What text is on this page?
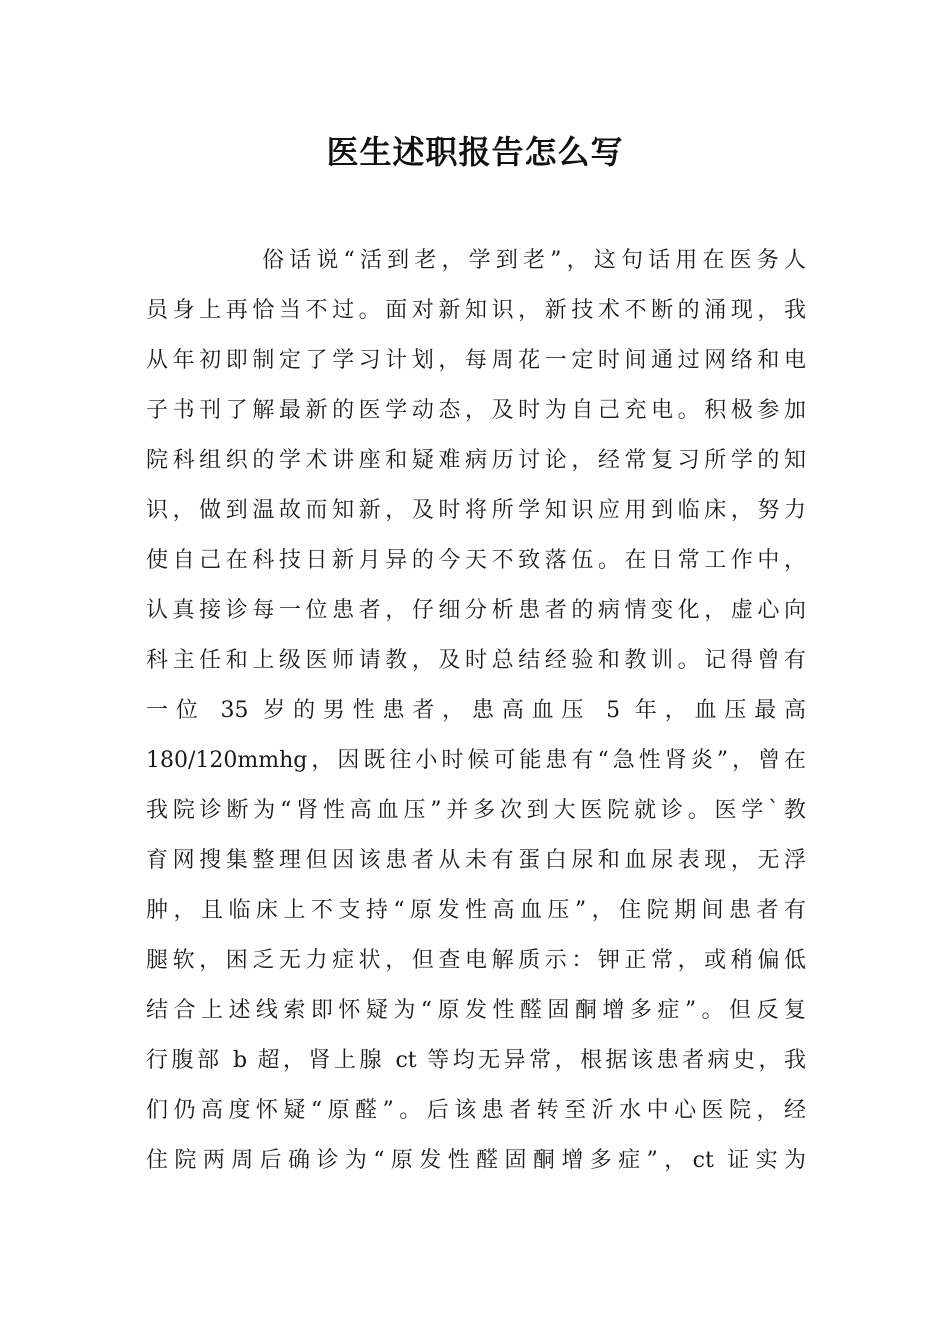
医生述职报告怎么写
俗话说“活到老，学到老”，这句话用在医务人
员身上再恰当不过。面对新知识，新技术不断的涌现，我
从年初即制定了学习计划，每周花一定时间通过网络和电
子书刊了解最新的医学动态，及时为自己充电。积极参加
院科组织的学术讲座和疑难病历讨论，经常复习所学的知
识，做到温故而知新，及时将所学知识应用到临床，努力
使自己在科技日新月异的今天不致落伍。在日常工作中，
认真接诊每一位患者，仔细分析患者的病情变化，虚心向
科主任和上级医师请教，及时总结经验和教训。记得曾有
一位 35 岁的男性患者，患高血压 5 年，血压最高
180/120mmhg，因既往小时候可能患有“急性肾炎”，曾在
我院诊断为“肾性高血压”并多次到大医院就诊。医学`教
育网搜集整理但因该患者从未有蛋白尿和血尿表现，无浮
肿，且临床上不支持“原发性高血压”，住院期间患者有
腿软，困乏无力症状，但查电解质示：钾正常，或稍偏低
结合上述线索即怀疑为“原发性醛固酮增多症”。但反复
行腹部 b 超，肾上腺 ct 等均无异常，根据该患者病史，我
们仍高度怀疑“原醛”。后该患者转至沂水中心医院，经
住院两周后确诊为“原发性醛固酮增多症”，ct 证实为
